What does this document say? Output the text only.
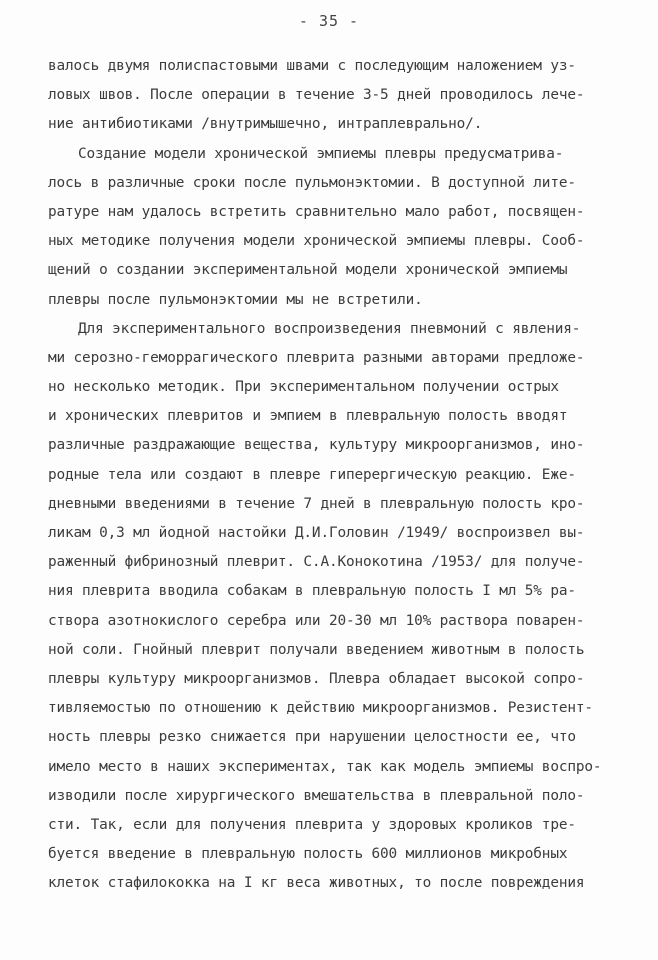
- 35 -
валось двумя полиспастовыми швами с последующим наложением уз-
ловых швов. После операции в течение 3-5 дней проводилось лече-
ние антибиотиками /внутримышечно, интраплеврально/.
Создание модели хронической эмпиемы плевры предусматрива-
лось в различные сроки после пульмонэктомии. В доступной лите-
ратуре нам удалось встретить сравнительно мало работ, посвящен-
ных методике получения модели хронической эмпиемы плевры. Сооб-
щений о создании экспериментальной модели хронической эмпиемы
плевры после пульмонэктомии мы не встретили.
Для экспериментального воспроизведения пневмоний с явления-
ми серозно-геморрагического плеврита разными авторами предложе-
но несколько методик. При экспериментальном получении острых
и хронических плевритов и эмпием в плевральную полость вводят
различные раздражающие вещества, культуру микроорганизмов, ино-
родные тела или создают в плевре гиперергическую реакцию. Еже-
дневными введениями в течение 7 дней в плевральную полость кро-
ликам 0,3 мл йодной настойки Д.И.Головин /1949/ воспроизвел вы-
раженный фибринозный плеврит. С.А.Конокотина /1953/ для получе-
ния плеврита вводила собакам в плевральную полость I мл 5% ра-
створа азотнокислого серебра или 20-30 мл 10% раствора поварен-
ной соли. Гнойный плеврит получали введением животным в полость
плевры культуру микроорганизмов. Плевра обладает высокой сопро-
тивляемостью по отношению к действию микроорганизмов. Резистент-
ность плевры резко снижается при нарушении целостности ее, что
имело место в наших экспериментах, так как модель эмпиемы воспро-
изводили после хирургического вмешательства в плевральной поло-
сти. Так, если для получения плеврита у здоровых кроликов тре-
буется введение в плевральную полость 600 миллионов микробных
клеток стафилококка на I кг веса животных, то после повреждения
